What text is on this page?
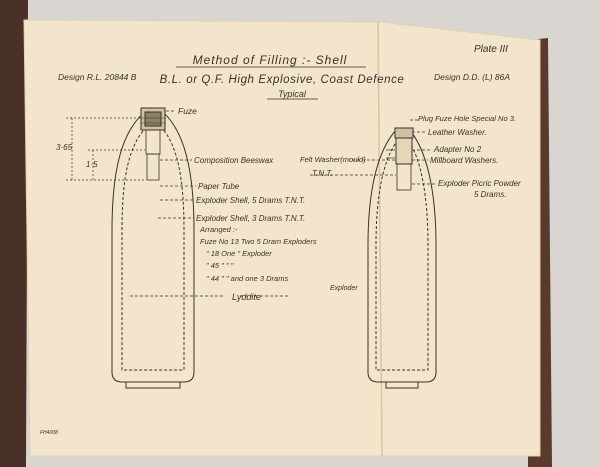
Plate III
Method of Filling :- Shell
B.L. or Q.F. High Explosive, Coast Defence
Typical
Design R.L. 20844 B	Design D.D. (L) 86A
3·65
1·5
Fuze
Composition Beeswax
Paper Tube
Exploder Shell, 5 Drams T.N.T.
Exploder Shell, 3 Drams T.N.T.
Arranged :-
Fuze No 13 Two 5 Dram Exploders
" 18 One " Exploder
" 45 " " "
" 44 " " and one 3 Drams
Exploder
Lyddite
Plug Fuze Hole Special No 3.
Leather Washer.
Adapter No 2
Millboard Washers.
Felt Washer(mould)
T.N.T.
Exploder Picric Powder
5 Drams.
FH4008
